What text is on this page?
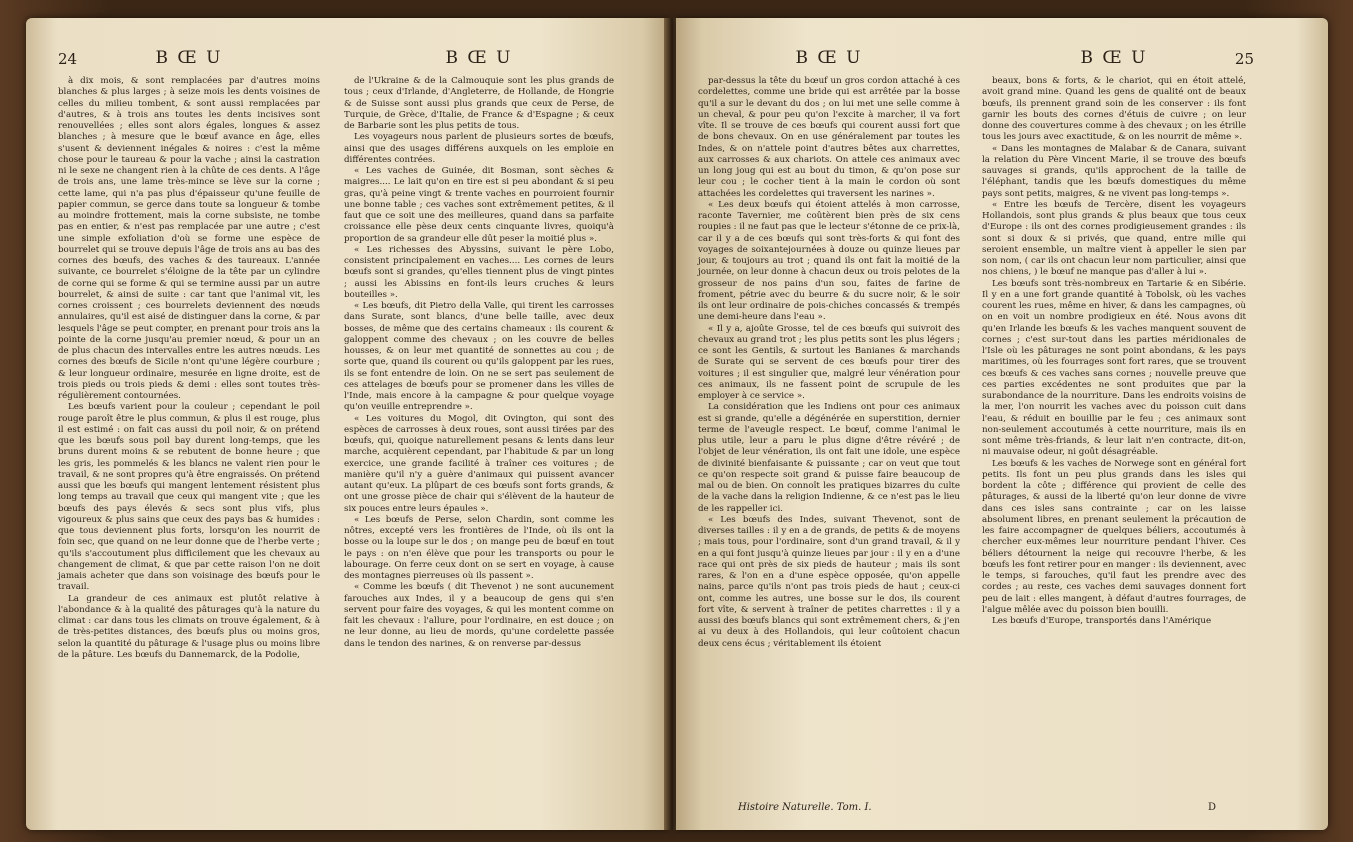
24	B Œ U

à dix mois, & sont remplacées par d'autres moins blanches & plus larges ; à seize mois les dents voisines de celles du milieu tombent, & sont aussi remplacées par d'autres, & à trois ans toutes les dents incisives sont renouvellées ; elles sont alors égales, longues & assez blanches ; à mesure que le bœuf avance en âge, elles s'usent & deviennent inégales & noires : c'est la même chose pour le taureau & pour la vache ; ainsi la castration ni le sexe ne changent rien à la chûte de ces dents. A l'âge de trois ans, une lame très-mince se lève sur la corne ; cette lame, qui n'a pas plus d'épaisseur qu'une feuille de papier commun, se gerce dans toute sa longueur & tombe au moindre frottement, mais la corne subsiste, ne tombe pas en entier, & n'est pas remplacée par une autre ; c'est une simple exfoliation d'où se forme une espèce de bourrelet qui se trouve depuis l'âge de trois ans au bas des cornes des bœufs, des vaches & des taureaux. L'année suivante, ce bourrelet s'éloigne de la tête par un cylindre de corne qui se forme & qui se termine aussi par un autre bourrelet, & ainsi de suite : car tant que l'animal vit, les cornes croissent ; ces bourrelets deviennent des nœuds annulaires, qu'il est aisé de distinguer dans la corne, & par lesquels l'âge se peut compter, en prenant pour trois ans la pointe de la corne jusqu'au premier nœud, & pour un an de plus chacun des intervalles entre les autres nœuds. Les cornes des bœufs de Sicile n'ont qu'une légère courbure ; & leur longueur ordinaire, mesurée en ligne droite, est de trois pieds ou trois pieds & demi : elles sont toutes très-régulièrement contournées.

Les bœufs varient pour la couleur ; cependant le poil rouge paroît être le plus commun, & plus il est rouge, plus il est estimé : on fait cas aussi du poil noir, & on prétend que les bœufs sous poil bay durent long-temps, que les bruns durent moins & se rebutent de bonne heure ; que les gris, les pommelés & les blancs ne valent rien pour le travail, & ne sont propres qu'à être engraissés. On prétend aussi que les bœufs qui mangent lentement résistent plus long temps au travail que ceux qui mangent vite ; que les bœufs des pays élevés & secs sont plus vifs, plus vigoureux & plus sains que ceux des pays bas & humides : que tous deviennent plus forts, lorsqu'on les nourrit de foin sec, que quand on ne leur donne que de l'herbe verte ; qu'ils s'accoutument plus difficilement que les chevaux au changement de climat, & que par cette raison l'on ne doit jamais acheter que dans son voisinage des bœufs pour le travail.

La grandeur de ces animaux est plutôt relative à l'abondance & à la qualité des pâturages qu'à la nature du climat : car dans tous les climats on trouve également, & à de très-petites distances, des bœufs plus ou moins gros, selon la quantité du pâturage & l'usage plus ou moins libre de la pâture. Les bœufs du Dannemarck, de la Podolie,

B Œ U

de l'Ukraine & de la Calmouquie sont les plus grands de tous ; ceux d'Irlande, d'Angleterre, de Hollande, de Hongrie & de Suisse sont aussi plus grands que ceux de Perse, de Turquie, de Grèce, d'Italie, de France & d'Espagne ; & ceux de Barbarie sont les plus petits de tous.

Les voyageurs nous parlent de plusieurs sortes de bœufs, ainsi que des usages différens auxquels on les emploie en différentes contrées.

« Les vaches de Guinée, dit Bosman, sont sèches & maigres.... Le lait qu'on en tire est si peu abondant & si peu gras, qu'à peine vingt & trente vaches en pourroient fournir une bonne table ; ces vaches sont extrêmement petites, & il faut que ce soit une des meilleures, quand dans sa parfaite croissance elle pèse deux cents cinquante livres, quoiqu'à proportion de sa grandeur elle dût peser la moitié plus ».

« Les richesses des Abyssins, suivant le père Lobo, consistent principalement en vaches.... Les cornes de leurs bœufs sont si grandes, qu'elles tiennent plus de vingt pintes ; aussi les Abissins en font-ils leurs cruches & leurs bouteilles ».

« Les bœufs, dit Pietro della Valle, qui tirent les carrosses dans Surate, sont blancs, d'une belle taille, avec deux bosses, de même que des certains chameaux : ils courent & galoppent comme des chevaux ; on les couvre de belles housses, & on leur met quantité de sonnettes au cou ; de sorte que, quand ils courent ou qu'ils galoppent par les rues, ils se font entendre de loin. On ne se sert pas seulement de ces attelages de bœufs pour se promener dans les villes de l'Inde, mais encore à la campagne & pour quelque voyage qu'on veuille entreprendre ».

« Les voitures du Mogol, dit Ovington, qui sont des espèces de carrosses à deux roues, sont aussi tirées par des bœufs, qui, quoique naturellement pesans & lents dans leur marche, acquièrent cependant, par l'habitude & par un long exercice, une grande facilité à traîner ces voitures ; de manière qu'il n'y a guère d'animaux qui puissent avancer autant qu'eux. La plûpart de ces bœufs sont forts grands, & ont une grosse pièce de chair qui s'élèvent de la hauteur de six pouces entre leurs épaules ».

« Les bœufs de Perse, selon Chardin, sont comme les nôtres, excepté vers les frontières de l'Inde, où ils ont la bosse ou la loupe sur le dos ; on mange peu de bœuf en tout le pays : on n'en élève que pour les transports ou pour le labourage. On ferre ceux dont on se sert en voyage, à cause des montagnes pierreuses où ils passent ».

« Comme les bœufs ( dit Thevenot ) ne sont aucunement farouches aux Indes, il y a beaucoup de gens qui s'en servent pour faire des voyages, & qui les montent comme on fait les chevaux : l'allure, pour l'ordinaire, en est douce ; on ne leur donne, au lieu de mords, qu'une cordelette passée dans le tendon des narines, & on renverse par-dessus

B Œ U

par-dessus la tête du bœuf un gros cordon attaché à ces cordelettes, comme une bride qui est arrêtée par la bosse qu'il a sur le devant du dos ; on lui met une selle comme à un cheval, & pour peu qu'on l'excite à marcher, il va fort vîte. Il se trouve de ces bœufs qui courent aussi fort que de bons chevaux. On en use généralement par toutes les Indes, & on n'attele point d'autres bêtes aux charrettes, aux carrosses & aux chariots. On attele ces animaux avec un long joug qui est au bout du timon, & qu'on pose sur leur cou ; le cocher tient à la main le cordon où sont attachées les cordelettes qui traversent les narines ».

« Les deux bœufs qui étoient attelés à mon carrosse, raconte Tavernier, me coûtèrent bien près de six cens roupies : il ne faut pas que le lecteur s'étonne de ce prix-là, car il y a de ces bœufs qui sont très-forts & qui font des voyages de soixantejournées à douze ou quinze lieues par jour, & toujours au trot ; quand ils ont fait la moitié de la journée, on leur donne à chacun deux ou trois pelotes de la grosseur de nos pains d'un sou, faites de farine de froment, pétrie avec du beurre & du sucre noir, & le soir ils ont leur ordinaire de pois-chiches concassés & trempés une demi-heure dans l'eau ».

« Il y a, ajoûte Grosse, tel de ces bœufs qui suivroit des chevaux au grand trot ; les plus petits sont les plus légers ; ce sont les Gentils, & surtout les Banianes & marchands de Surate qui se servent de ces bœufs pour tirer des voitures ; il est singulier que, malgré leur vénération pour ces animaux, ils ne fassent point de scrupule de les employer à ce service ».

La considération que les Indiens ont pour ces animaux est si grande, qu'elle a dégénérée en superstition, dernier terme de l'aveugle respect. Le bœuf, comme l'animal le plus utile, leur a paru le plus digne d'être révéré ; de l'objet de leur vénération, ils ont fait une idole, une espèce de divinité bienfaisante & puissante ; car on veut que tout ce qu'on respecte soit grand & puisse faire beaucoup de mal ou de bien. On connoît les pratiques bizarres du culte de la vache dans la religion Indienne, & ce n'est pas le lieu de les rappeller ici.

« Les bœufs des Indes, suivant Thevenot, sont de diverses tailles : il y en a de grands, de petits & de moyens ; mais tous, pour l'ordinaire, sont d'un grand travail, & il y en a qui font jusqu'à quinze lieues par jour : il y en a d'une race qui ont près de six pieds de hauteur ; mais ils sont rares, & l'on en a d'une espèce opposée, qu'on appelle nains, parce qu'ils n'ont pas trois pieds de haut ; ceux-ci ont, comme les autres, une bosse sur le dos, ils courent fort vîte, & servent à traîner de petites charrettes : il y a aussi des bœufs blancs qui sont extrêmement chers, & j'en ai vu deux à des Hollandois, qui leur coûtoient chacun deux cens écus ; véritablement ils étoient

Histoire Naturelle. Tom. I.
B Œ U	25

beaux, bons & forts, & le chariot, qui en étoit attelé, avoit grand mine. Quand les gens de qualité ont de beaux bœufs, ils prennent grand soin de les conserver : ils font garnir les bouts des cornes d'étuis de cuivre ; on leur donne des couvertures comme à des chevaux ; on les étrille tous les jours avec exactitude, & on les nourrit de même ».

« Dans les montagnes de Malabar & de Canara, suivant la relation du Père Vincent Marie, il se trouve des bœufs sauvages si grands, qu'ils approchent de la taille de l'éléphant, tandis que les bœufs domestiques du même pays sont petits, maigres, & ne vivent pas long-temps ».

« Entre les bœufs de Tercère, disent les voyageurs Hollandois, sont plus grands & plus beaux que tous ceux d'Europe : ils ont des cornes prodigieusement grandes : ils sont si doux & si privés, que quand, entre mille qui seroient ensemble, un maître vient à appeller le sien par son nom, ( car ils ont chacun leur nom particulier, ainsi que nos chiens, ) le bœuf ne manque pas d'aller à lui ».

Les bœufs sont très-nombreux en Tartarie & en Sibérie. Il y en a une fort grande quantité à Tobolsk, où les vaches courent les rues, même en hiver, & dans les campagnes, où on en voit un nombre prodigieux en été. Nous avons dit qu'en Irlande les bœufs & les vaches manquent souvent de cornes ; c'est sur-tout dans les parties méridionales de l'Isle où les pâturages ne sont point abondans, & les pays maritimes, où les fourrages sont fort rares, que se trouvent ces bœufs & ces vaches sans cornes ; nouvelle preuve que ces parties excédentes ne sont produites que par la surabondance de la nourriture. Dans les endroits voisins de la mer, l'on nourrit les vaches avec du poisson cuit dans l'eau, & réduit en bouillie par le feu ; ces animaux sont non-seulement accoutumés à cette nourriture, mais ils en sont même très-friands, & leur lait n'en contracte, dit-on, ni mauvaise odeur, ni goût désagréable.

Les bœufs & les vaches de Norwege sont en général fort petits. Ils font un peu plus grands dans les isles qui bordent la côte ; différence qui provient de celle des pâturages, & aussi de la liberté qu'on leur donne de vivre dans ces isles sans contrainte ; car on les laisse absolument libres, en prenant seulement la précaution de les faire accompagner de quelques béliers, accoutumés à chercher eux-mêmes leur nourriture pendant l'hiver. Ces béliers détournent la neige qui recouvre l'herbe, & les bœufs les font retirer pour en manger : ils deviennent, avec le temps, si farouches, qu'il faut les prendre avec des cordes ; au reste, ces vaches demi sauvages donnent fort peu de lait : elles mangent, à défaut d'autres fourrages, de l'algue mêlée avec du poisson bien bouilli.

Les bœufs d'Europe, transportés dans l'Amérique

D
